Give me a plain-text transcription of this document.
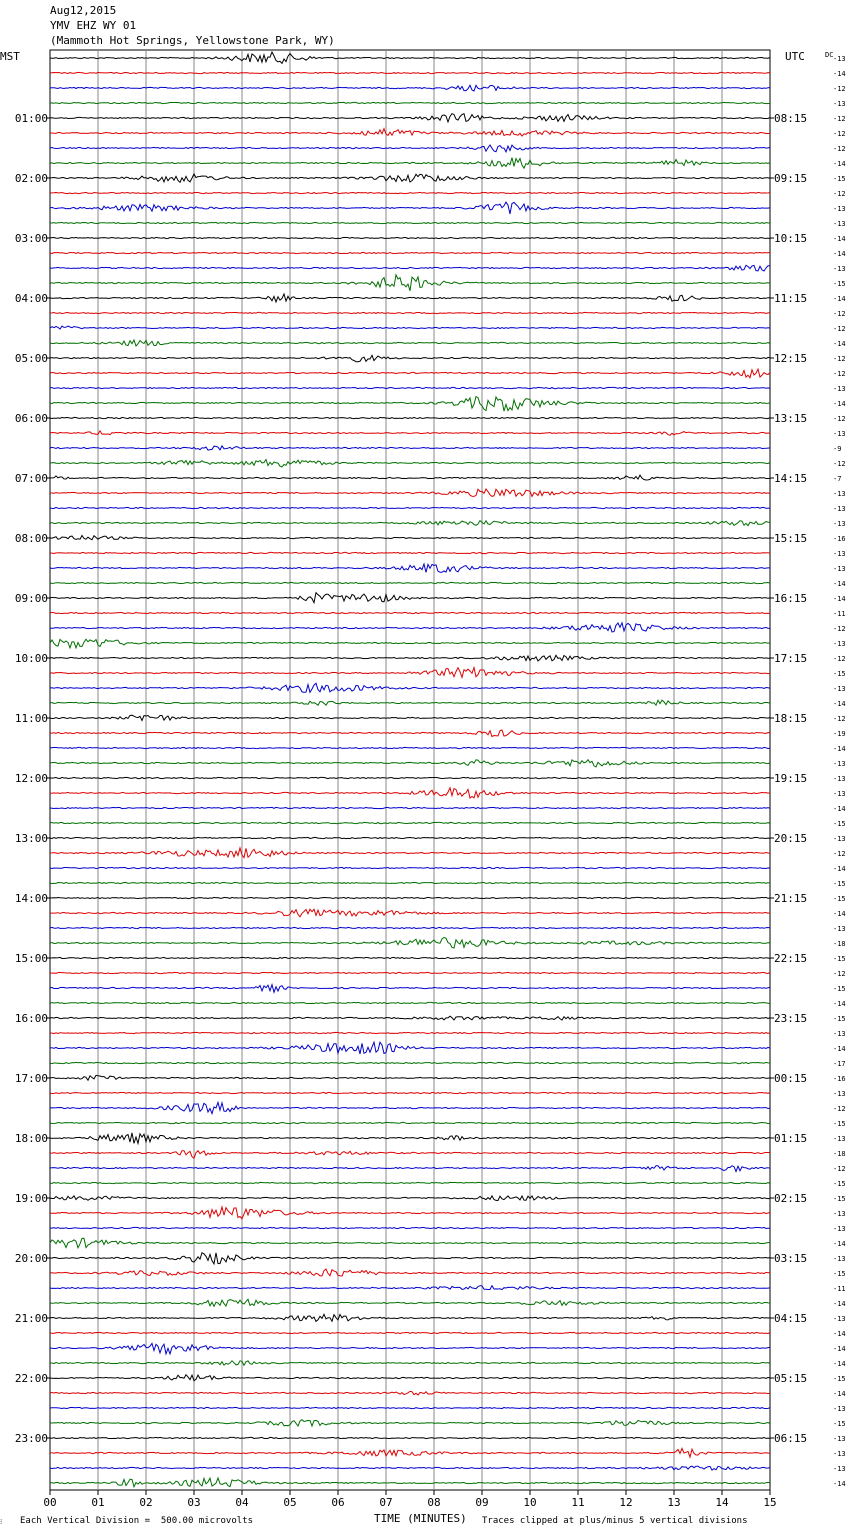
Aug12,2015
YMV EHZ WY 01
(Mammoth Hot Springs, Yellowstone Park, WY)
MST	UTC	DC -13
-14
-12
-13
-12
-12
-12
-14
-15
-12
-13
-13
-14
-14
-13
-15
-14
-12
-12
-14
-12
-12
-13
-14
-12
-13
-9
-12
-7
-13
-13
-13
-16
-13
-13
-14
-14
-11
-12
-13
-12
-15
-13
-14
-12
-19
-14
-13
-13
-13
-14
-15
-13
-12
-14
-15
-15
-14
-13
-18
-15
-12
-15
-14
-15
-13
-14
-17
-16
-13
-12
-15
-13
-18
-12
-15
-15
-13
-13
-14
-13
-15
-11
-14
-13
-14
-14
-14
-15
-14
-13
-15
-13
-13
-13
-14
01:00	08:15
02:00	09:15
03:00	10:15
04:00	11:15
05:00	12:15
06:00	13:15
07:00	14:15
08:00	15:15
09:00	16:15
10:00	17:15
11:00	18:15
12:00	19:15
13:00	20:15
14:00	21:15
15:00	22:15
16:00	23:15
17:00	00:15
18:00	01:15
19:00	02:15
20:00	03:15
21:00	04:15
22:00	05:15
23:00	06:15
00	01	02	03	04	05	06	07	08	09	10	11	12	13	14	15
⁝ Each Vertical Division =  500.00 microvolts	TIME (MINUTES) Traces clipped at plus/minus 5 vertical divisions
